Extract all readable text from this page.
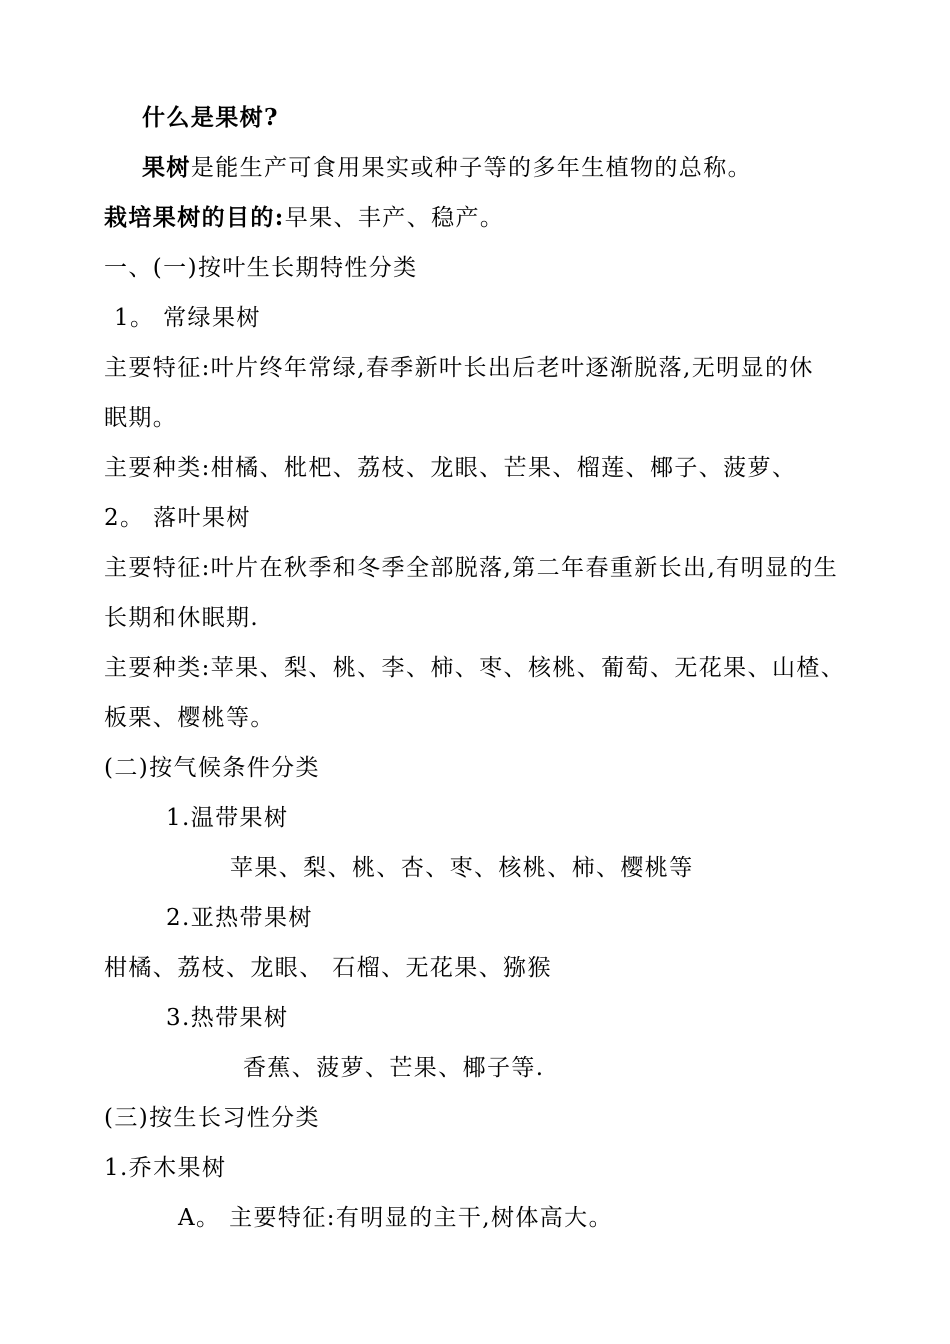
什么是果树?
果树是能生产可食用果实或种子等的多年生植物的总称。
栽培果树的目的:早果、丰产、稳产。
一、(一)按叶生长期特性分类
1。 常绿果树
主要特征:叶片终年常绿,春季新叶长出后老叶逐渐脱落,无明显的休
眠期。
主要种类:柑橘、枇杷、荔枝、龙眼、芒果、榴莲、椰子、菠萝、
2。 落叶果树
主要特征:叶片在秋季和冬季全部脱落,第二年春重新长出,有明显的生
长期和休眠期.
主要种类:苹果、梨、桃、李、柿、枣、核桃、葡萄、无花果、山楂、
板栗、樱桃等。
(二)按气候条件分类
1.温带果树
苹果、梨、桃、杏、枣、核桃、柿、樱桃等
2.亚热带果树
柑橘、荔枝、龙眼、 石榴、无花果、猕猴
3.热带果树
香蕉、菠萝、芒果、椰子等.
(三)按生长习性分类
1.乔木果树
A。 主要特征:有明显的主干,树体高大。
